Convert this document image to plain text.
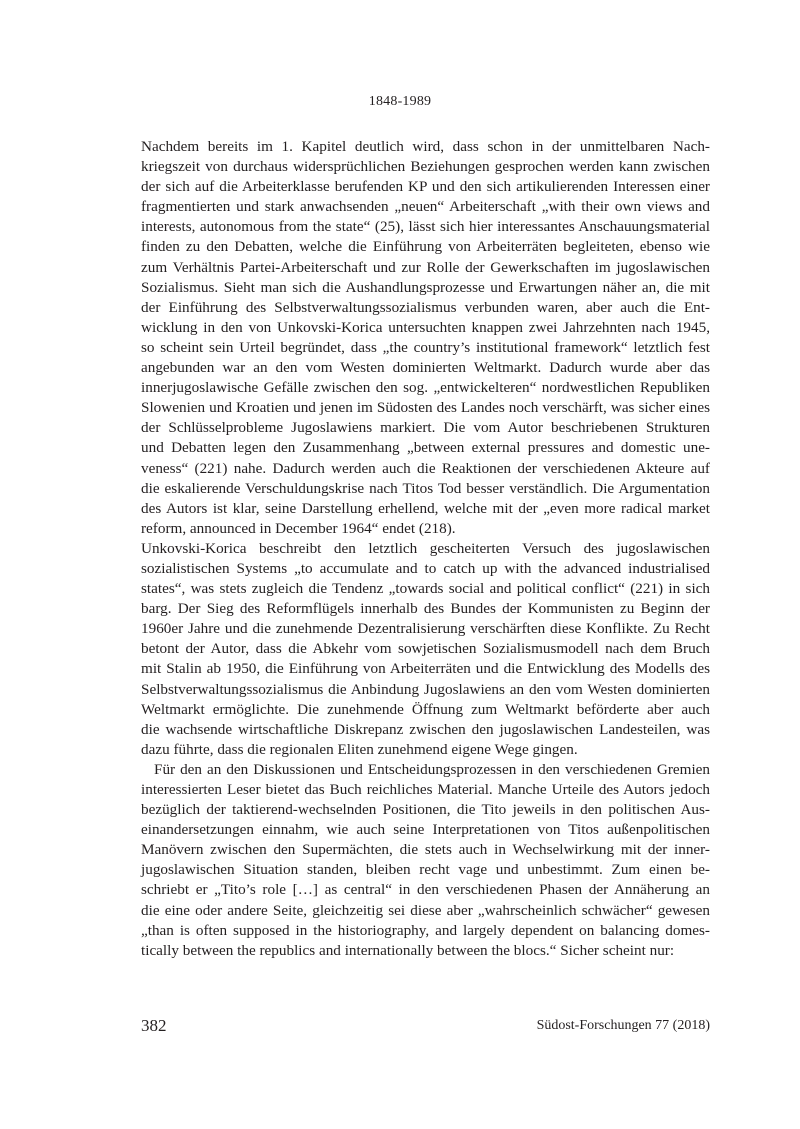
1848-1989

Nachdem bereits im 1. Kapitel deutlich wird, dass schon in der unmittelbaren Nach-
kriegszeit von durchaus widersprüchlichen Beziehungen gesprochen werden kann zwischen
der sich auf die Arbeiterklasse berufenden KP und den sich artikulierenden Interessen einer
fragmentierten und stark anwachsenden „neuen“ Arbeiterschaft „with their own views and
interests, autonomous from the state“ (25), lässt sich hier interessantes Anschauungsmaterial
finden zu den Debatten, welche die Einführung von Arbeiterräten begleiteten, ebenso wie
zum Verhältnis Partei-Arbeiterschaft und zur Rolle der Gewerkschaften im jugoslawischen
Sozialismus. Sieht man sich die Aushandlungsprozesse und Erwartungen näher an, die mit
der Einführung des Selbstverwaltungssozialismus verbunden waren, aber auch die Ent-
wicklung in den von Unkovski-Korica untersuchten knappen zwei Jahrzehnten nach 1945,
so scheint sein Urteil begründet, dass „the country’s institutional framework“ letztlich fest
angebunden war an den vom Westen dominierten Weltmarkt. Dadurch wurde aber das
innerjugoslawische Gefälle zwischen den sog. „entwickelteren“ nordwestlichen Republiken
Slowenien und Kroatien und jenen im Südosten des Landes noch verschärft, was sicher eines
der Schlüsselprobleme Jugoslawiens markiert. Die vom Autor beschriebenen Strukturen
und Debatten legen den Zusammenhang „between external pressures and domestic une-
veness“ (221) nahe. Dadurch werden auch die Reaktionen der verschiedenen Akteure auf
die eskalierende Verschuldungskrise nach Titos Tod besser verständlich. Die Argumentation
des Autors ist klar, seine Darstellung erhellend, welche mit der „even more radical market
reform, announced in December 1964“ endet (218).

Unkovski-Korica beschreibt den letztlich gescheiterten Versuch des jugoslawischen
sozialistischen Systems „to accumulate and to catch up with the advanced industrialised
states“, was stets zugleich die Tendenz „towards social and political conflict“ (221) in sich
barg. Der Sieg des Reformflügels innerhalb des Bundes der Kommunisten zu Beginn der
1960er Jahre und die zunehmende Dezentralisierung verschärften diese Konflikte. Zu Recht
betont der Autor, dass die Abkehr vom sowjetischen Sozialismusmodell nach dem Bruch
mit Stalin ab 1950, die Einführung von Arbeiterräten und die Entwicklung des Modells des
Selbstverwaltungssozialismus die Anbindung Jugoslawiens an den vom Westen dominierten
Weltmarkt ermöglichte. Die zunehmende Öffnung zum Weltmarkt beförderte aber auch
die wachsende wirtschaftliche Diskrepanz zwischen den jugoslawischen Landesteilen, was
dazu führte, dass die regionalen Eliten zunehmend eigene Wege gingen.

Für den an den Diskussionen und Entscheidungsprozessen in den verschiedenen Gremien
interessierten Leser bietet das Buch reichliches Material. Manche Urteile des Autors jedoch
bezüglich der taktierend-wechselnden Positionen, die Tito jeweils in den politischen Aus-
einandersetzungen einnahm, wie auch seine Interpretationen von Titos außenpolitischen
Manövern zwischen den Supermächten, die stets auch in Wechselwirkung mit der inner-
jugoslawischen Situation standen, bleiben recht vage und unbestimmt. Zum einen be-
schriebt er „Tito’s role […] as central“ in den verschiedenen Phasen der Annäherung an
die eine oder andere Seite, gleichzeitig sei diese aber „wahrscheinlich schwächer“ gewesen
„than is often supposed in the historiography, and largely dependent on balancing domes-
tically between the republics and internationally between the blocs.“ Sicher scheint nur:

382	Südost-Forschungen 77 (2018)
